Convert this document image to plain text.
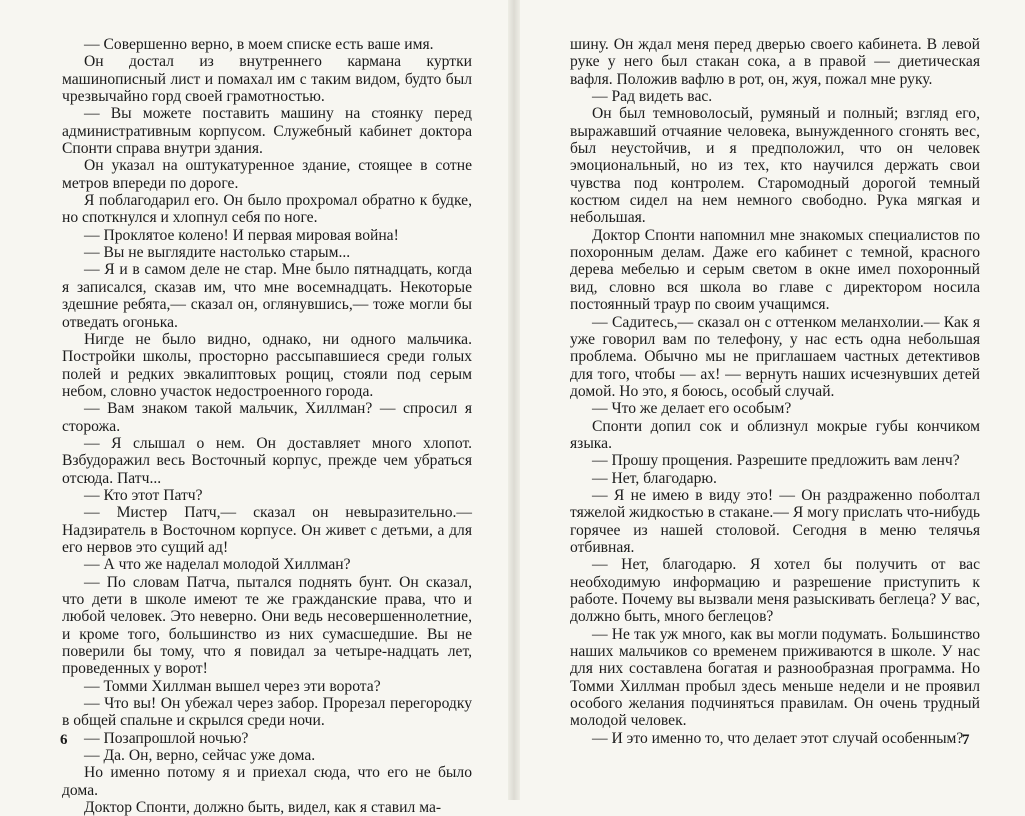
— Совершенно верно, в моем списке есть ваше имя.

Он достал из внутреннего кармана куртки машинописный лист и помахал им с таким видом, будто был чрезвычайно горд своей грамотностью.

— Вы можете поставить машину на стоянку перед административным корпусом. Служебный кабинет доктора Спонти справа внутри здания.

Он указал на оштукатуренное здание, стоящее в сотне метров впереди по дороге.

Я поблагодарил его. Он было прохромал обратно к будке, но споткнулся и хлопнул себя по ноге.

— Проклятое колено! И первая мировая война!

— Вы не выглядите настолько старым...

— Я и в самом деле не стар. Мне было пятнадцать, когда я записался, сказав им, что мне восемнадцать. Некоторые здешние ребята,— сказал он, оглянувшись,— тоже могли бы отведать огонька.

Нигде не было видно, однако, ни одного мальчика. Постройки школы, просторно рассыпавшиеся среди голых полей и редких эвкалиптовых рощиц, стояли под серым небом, словно участок недостроенного города.

— Вам знаком такой мальчик, Хиллман? — спросил я сторожа.

— Я слышал о нем. Он доставляет много хлопот. Взбудоражил весь Восточный корпус, прежде чем убраться отсюда. Патч...

— Кто этот Патч?

— Мистер Патч,— сказал он невыразительно.— Надзиратель в Восточном корпусе. Он живет с детьми, а для его нервов это сущий ад!

— А что же наделал молодой Хиллман?

— По словам Патча, пытался поднять бунт. Он сказал, что дети в школе имеют те же гражданские права, что и любой человек. Это неверно. Они ведь несовершеннолетние, и кроме того, большинство из них сумасшедшие. Вы не поверили бы тому, что я повидал за четыре-надцать лет, проведенных у ворот!

— Томми Хиллман вышел через эти ворота?

— Что вы! Он убежал через забор. Прорезал перегородку в общей спальне и скрылся среди ночи.

— Позапрошлой ночью?

— Да. Он, верно, сейчас уже дома.

Но именно потому я и приехал сюда, что его не было дома.

Доктор Спонти, должно быть, видел, как я ставил ма-

6

шину. Он ждал меня перед дверью своего кабинета. В левой руке у него был стакан сока, а в правой — диетическая вафля. Положив вафлю в рот, он, жуя, пожал мне руку.

— Рад видеть вас.

Он был темноволосый, румяный и полный; взгляд его, выражавший отчаяние человека, вынужденного сгонять вес, был неустойчив, и я предположил, что он человек эмоциональный, но из тех, кто научился держать свои чувства под контролем. Старомодный дорогой темный костюм сидел на нем немного свободно. Рука мягкая и небольшая.

Доктор Спонти напомнил мне знакомых специалистов по похоронным делам. Даже его кабинет с темной, красного дерева мебелью и серым светом в окне имел похоронный вид, словно вся школа во главе с директором носила постоянный траур по своим учащимся.

— Садитесь,— сказал он с оттенком меланхолии.— Как я уже говорил вам по телефону, у нас есть одна небольшая проблема. Обычно мы не приглашаем частных детективов для того, чтобы — ах! — вернуть наших исчезнувших детей домой. Но это, я боюсь, особый случай.

— Что же делает его особым?

Спонти допил сок и облизнул мокрые губы кончиком языка.

— Прошу прощения. Разрешите предложить вам ленч?

— Нет, благодарю.

— Я не имею в виду это! — Он раздраженно поболтал тяжелой жидкостью в стакане.— Я могу прислать что-нибудь горячее из нашей столовой. Сегодня в меню телячья отбивная.

— Нет, благодарю. Я хотел бы получить от вас необходимую информацию и разрешение приступить к работе. Почему вы вызвали меня разыскивать беглеца? У вас, должно быть, много беглецов?

— Не так уж много, как вы могли подумать. Большинство наших мальчиков со временем приживаются в школе. У нас для них составлена богатая и разнообразная программа. Но Томми Хиллман пробыл здесь меньше недели и не проявил особого желания подчиняться правилам. Он очень трудный молодой человек.

— И это именно то, что делает этот случай особенным?

7
